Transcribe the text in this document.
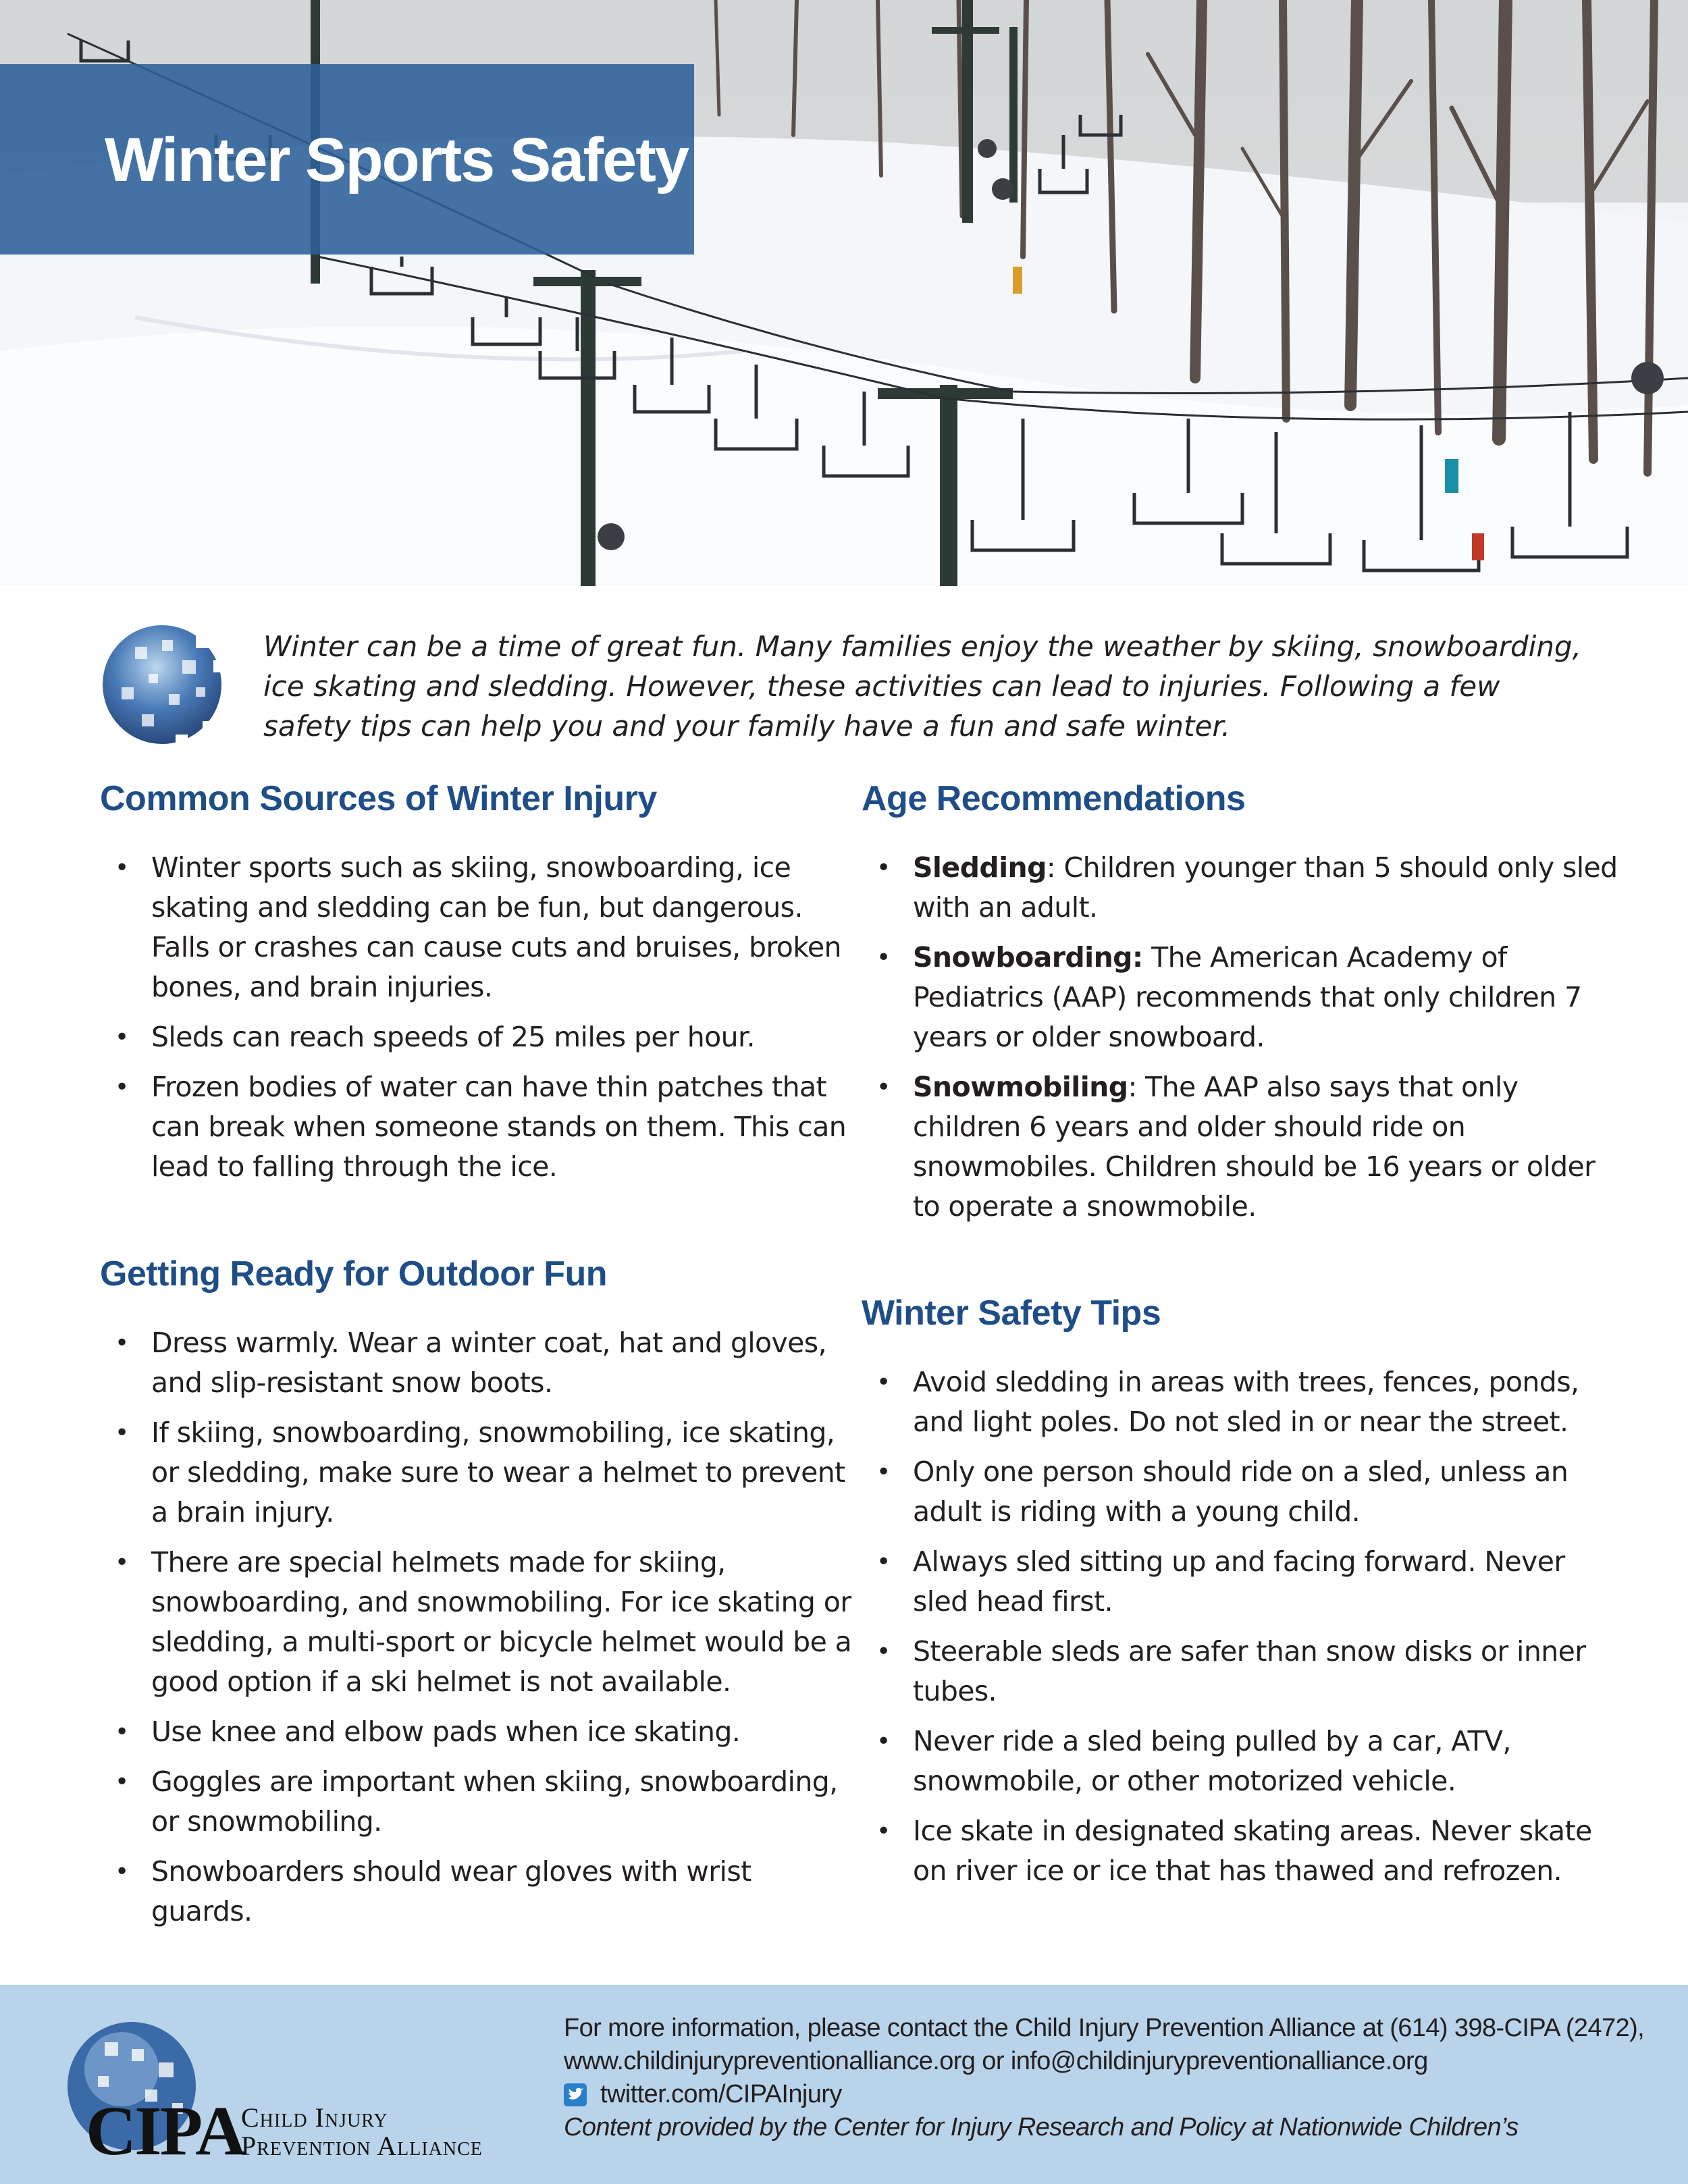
Winter Sports Safety

Winter can be a time of great fun. Many families enjoy the weather by skiing, snowboarding, ice skating and sledding. However, these activities can lead to injuries. Following a few safety tips can help you and your family have a fun and safe winter.

Common Sources of Winter Injury
• Winter sports such as skiing, snowboarding, ice skating and sledding can be fun, but dangerous. Falls or crashes can cause cuts and bruises, broken bones, and brain injuries.
• Sleds can reach speeds of 25 miles per hour.
• Frozen bodies of water can have thin patches that can break when someone stands on them. This can lead to falling through the ice.
Getting Ready for Outdoor Fun
• Dress warmly. Wear a winter coat, hat and gloves, and slip-resistant snow boots.
• If skiing, snowboarding, snowmobiling, ice skating, or sledding, make sure to wear a helmet to prevent a brain injury.
• There are special helmets made for skiing, snowboarding, and snowmobiling. For ice skating or sledding, a multi-sport or bicycle helmet would be a good option if a ski helmet is not available.
• Use knee and elbow pads when ice skating.
• Goggles are important when skiing, snowboarding, or snowmobiling.
• Snowboarders should wear gloves with wrist guards.
Age Recommendations
• Sledding: Children younger than 5 should only sled with an adult.
• Snowboarding: The American Academy of Pediatrics (AAP) recommends that only children 7 years or older snowboard.
• Snowmobiling: The AAP also says that only children 6 years and older should ride on snowmobiles. Children should be 16 years or older to operate a snowmobile.
Winter Safety Tips
• Avoid sledding in areas with trees, fences, ponds, and light poles. Do not sled in or near the street.
• Only one person should ride on a sled, unless an adult is riding with a young child.
• Always sled sitting up and facing forward. Never sled head first.
• Steerable sleds are safer than snow disks or inner tubes.
• Never ride a sled being pulled by a car, ATV, snowmobile, or other motorized vehicle.
• Ice skate in designated skating areas. Never skate on river ice or ice that has thawed and refrozen.
CIPA
Child Injury
Prevention Alliance
For more information, please contact the Child Injury Prevention Alliance at (614) 398-CIPA (2472),
www.childinjurypreventionalliance.org or info@childinjurypreventionalliance.org
twitter.com/CIPAInjury
Content provided by the Center for Injury Research and Policy at Nationwide Children’s
